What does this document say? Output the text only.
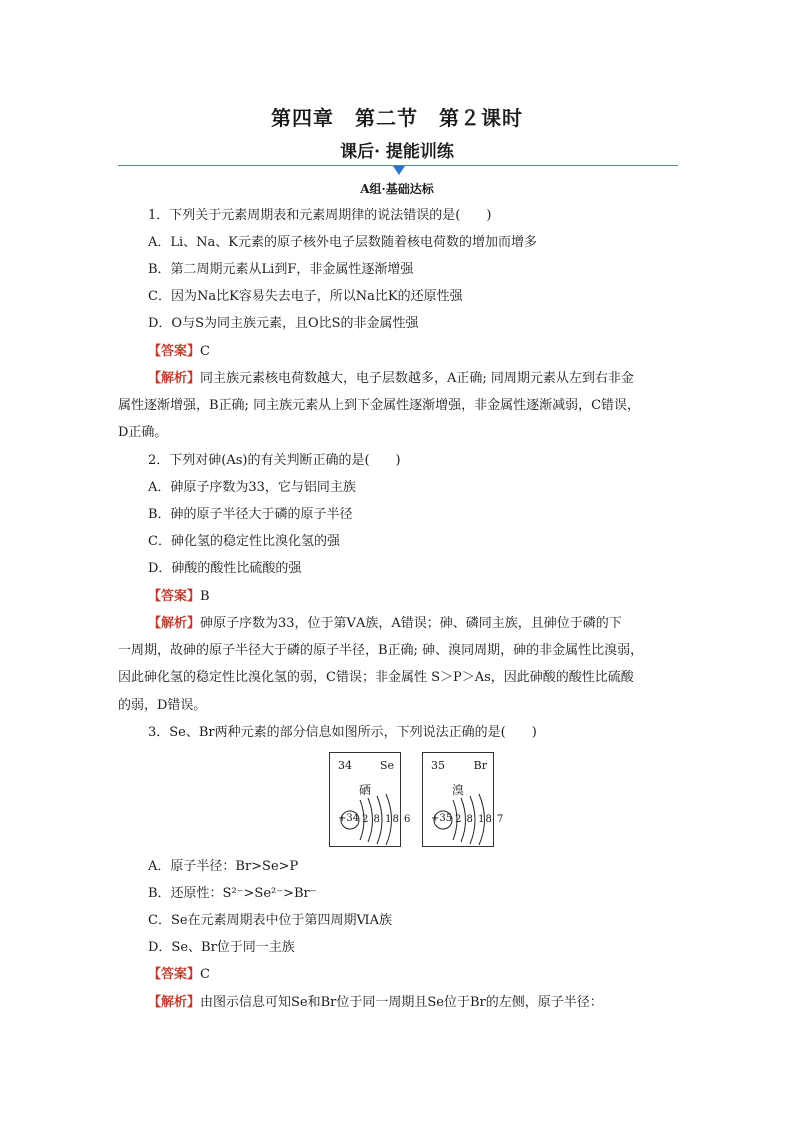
第四章　第二节　第２课时
课后· 提能训练
A组·基础达标
1．下列关于元素周期表和元素周期律的说法错误的是(　　)
A．Li、Na、K元素的原子核外电子层数随着核电荷数的增加而增多
B．第二周期元素从Li到F，非金属性逐渐增强
C．因为Na比K容易失去电子，所以Na比K的还原性强
D．O与S为同主族元素，且O比S的非金属性强
【答案】C
【解析】同主族元素核电荷数越大，电子层数越多，A正确; 同周期元素从左到右非金
属性逐渐增强，B正确; 同主族元素从上到下金属性逐渐增强，非金属性逐渐减弱，C错误，
D正确。
2．下列对砷(As)的有关判断正确的是(　　)
A．砷原子序数为33，它与铝同主族
B．砷的原子半径大于磷的原子半径
C．砷化氢的稳定性比溴化氢的强
D．砷酸的酸性比硫酸的强
【答案】B
【解析】砷原子序数为33，位于第ⅤA族，A错误；砷、磷同主族，且砷位于磷的下
一周期，故砷的原子半径大于磷的原子半径，B正确; 砷、溴同周期，砷的非金属性比溴弱，
因此砷化氢的稳定性比溴化氢的弱，C错误；非金属性 S＞P＞As，因此砷酸的酸性比硫酸
的弱，D错误。
3．Se、Br两种元素的部分信息如图所示，下列说法正确的是(　　)
34	Se
硒
+34 2 8 18 6
35	Br
溴
+35 2 8 18 7
A．原子半径：Br>Se>P
B．还原性：S²⁻>Se²⁻>Br⁻
C．Se在元素周期表中位于第四周期ⅥA族
D．Se、Br位于同一主族
【答案】C
【解析】由图示信息可知Se和Br位于同一周期且Se位于Br的左侧，原子半径：
